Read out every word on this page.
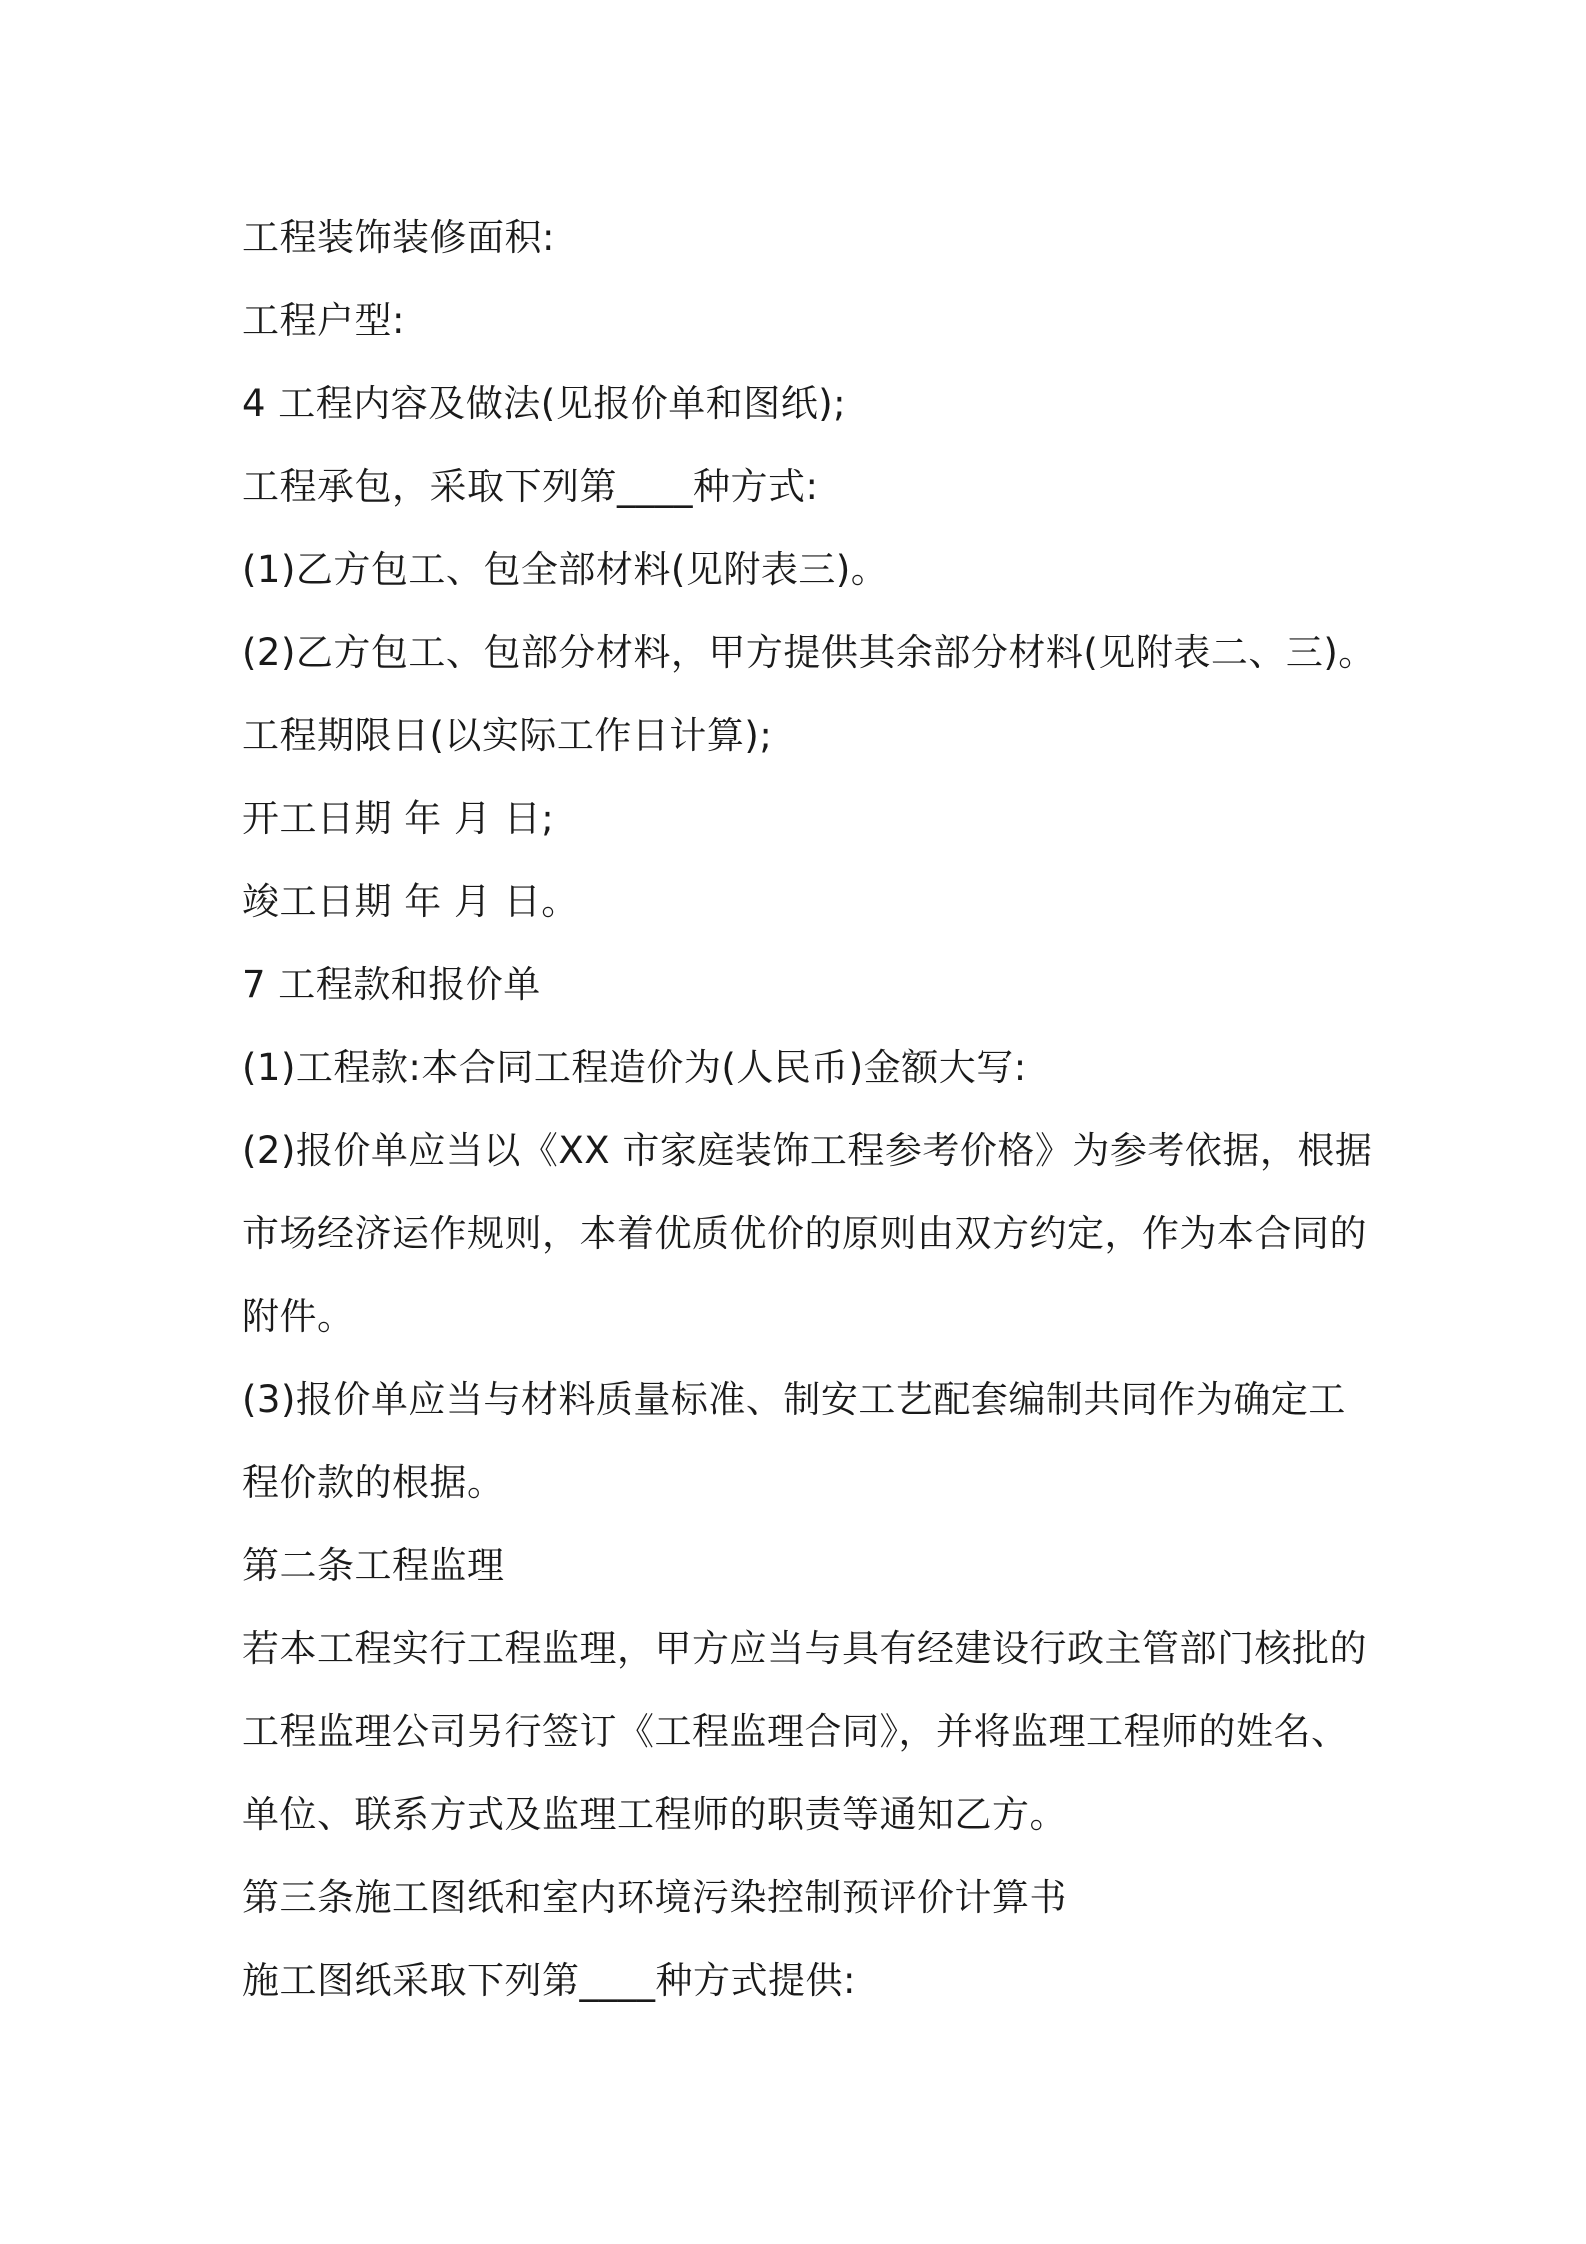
工程装饰装修面积:

工程户型:

4 工程内容及做法(见报价单和图纸);

工程承包，采取下列第____种方式:

(1)乙方包工、包全部材料(见附表三)。

(2)乙方包工、包部分材料，甲方提供其余部分材料(见附表二、三)。

工程期限日(以实际工作日计算);

开工日期 年 月 日;

竣工日期 年 月 日。

7 工程款和报价单

(1)工程款:本合同工程造价为(人民币)金额大写:

(2)报价单应当以《XX 市家庭装饰工程参考价格》为参考依据，根据

市场经济运作规则，本着优质优价的原则由双方约定，作为本合同的

附件。

(3)报价单应当与材料质量标准、制安工艺配套编制共同作为确定工

程价款的根据。

第二条工程监理

若本工程实行工程监理，甲方应当与具有经建设行政主管部门核批的

工程监理公司另行签订《工程监理合同》，并将监理工程师的姓名、

单位、联系方式及监理工程师的职责等通知乙方。

第三条施工图纸和室内环境污染控制预评价计算书

施工图纸采取下列第____种方式提供:
